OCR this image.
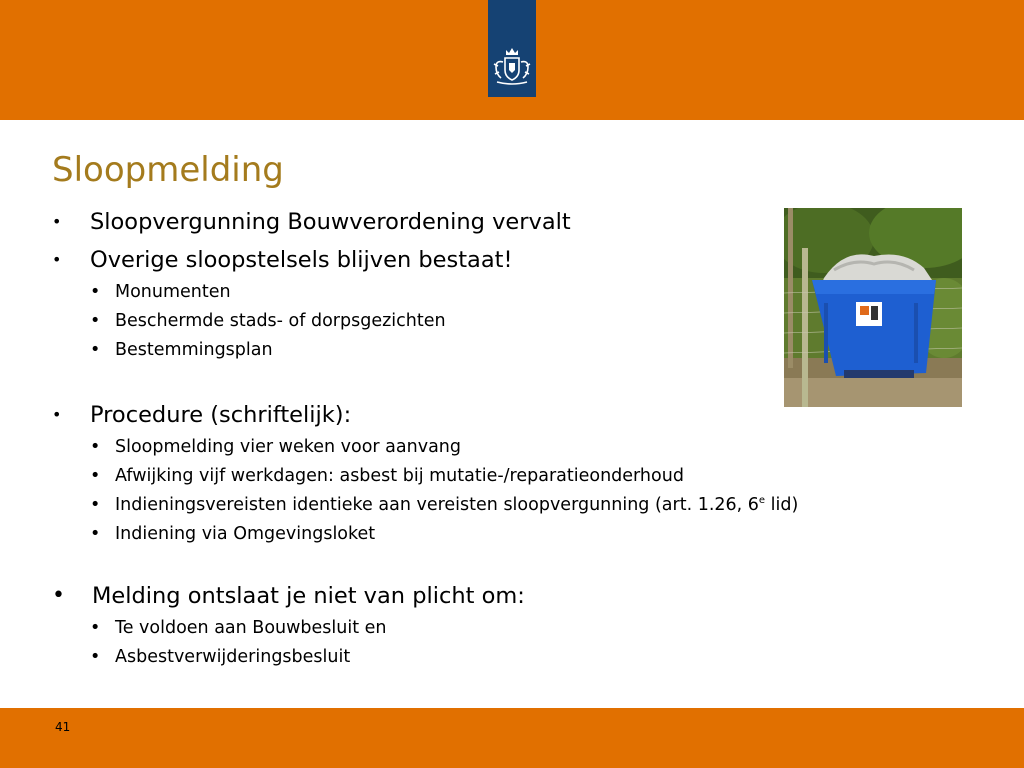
Sloopmelding
• Sloopvergunning Bouwverordening vervalt
• Overige sloopstelsels blijven bestaat!
• Monumenten
• Beschermde stads- of dorpsgezichten
• Bestemmingsplan
• Procedure (schriftelijk):
• Sloopmelding vier weken voor aanvang
• Afwijking vijf werkdagen: asbest bij mutatie-/reparatieonderhoud
• Indieningsvereisten identieke aan vereisten sloopvergunning (art. 1.26, 6e lid)
• Indiening via Omgevingsloket
• Melding ontslaat je niet van plicht om:
• Te voldoen aan Bouwbesluit en
• Asbestverwijderingsbesluit
41
